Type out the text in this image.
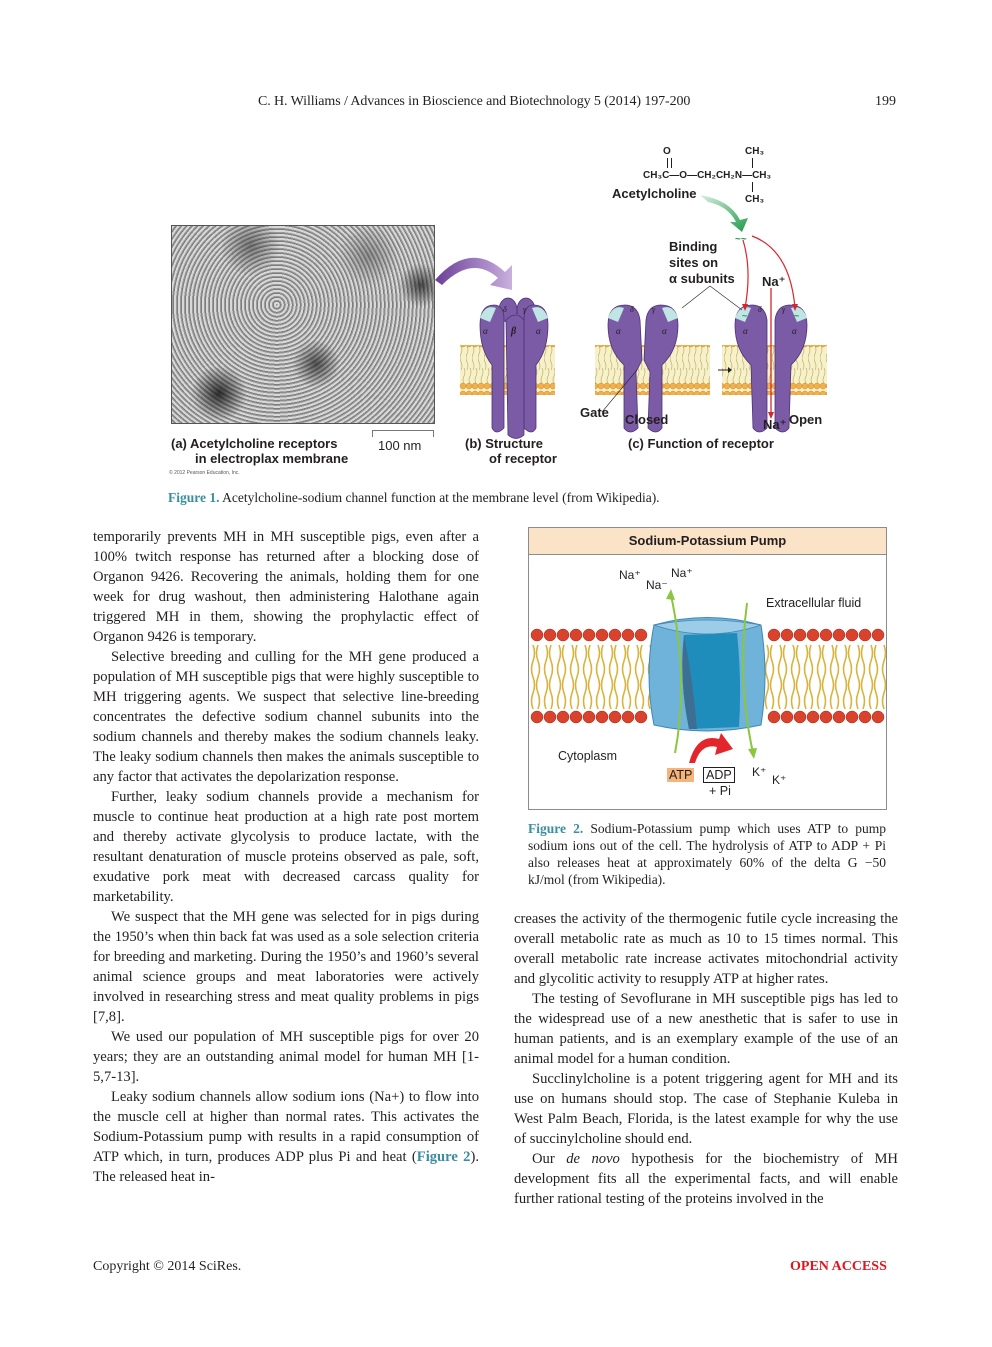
C. H. Williams / Advances in Bioscience and Biotechnology 5 (2014) 197-200	199
O	CH₃
CH₃C—O—CH₂CH₂N—CH₃
CH₃
Acetylcholine
~~
α β α
δ γ
α	α
δ γ
~	~
α	α
δ	γ
Binding
sites on
α subunits Na⁺
Na⁺ Open
Closed
Gate
(a) Acetylcholine receptors
in electroplax membrane
100 nm	(b) Structure
of receptor
(c) Function of receptor
© 2012 Pearson Education, Inc.
Figure 1. Acetylcholine-sodium channel function at the membrane level (from Wikipedia).

temporarily prevents MH in MH susceptible pigs, even after a 100% twitch response has returned after a blocking dose of Organon 9426. Recovering the animals, holding them for one week for drug washout, then administering Halothane again triggered MH in them, showing the prophylactic effect of Organon 9426 is temporary.

Selective breeding and culling for the MH gene produced a population of MH susceptible pigs that were highly susceptible to MH triggering agents. We suspect that selective line-breeding concentrates the defective sodium channel subunits into the sodium channels and thereby makes the sodium channels leaky. The leaky sodium channels then makes the animals susceptible to any factor that activates the depolarization response.

Further, leaky sodium channels provide a mechanism for muscle to continue heat production at a high rate post mortem and thereby activate glycolysis to produce lactate, with the resultant denaturation of muscle proteins observed as pale, soft, exudative pork meat with decreased carcass quality for marketability.

We suspect that the MH gene was selected for in pigs during the 1950’s when thin back fat was used as a sole selection criteria for breeding and marketing. During the 1950’s and 1960’s several animal science groups and meat laboratories were actively involved in researching stress and meat quality problems in pigs [7,8].

We used our population of MH susceptible pigs for over 20 years; they are an outstanding animal model for human MH [1-5,7-13].

Leaky sodium channels allow sodium ions (Na+) to flow into the muscle cell at higher than normal rates. This activates the Sodium-Potassium pump with results in a rapid consumption of ATP which, in turn, produces ADP plus Pi and heat (Figure 2). The released heat in-

Sodium-Potassium Pump
Na⁺
Na⁻
Na⁺
Extracellular fluid
Cytoplasm
ATP ADP
+ Pi
K⁺
K⁺
Figure 2. Sodium-Potassium pump which uses ATP to pump sodium ions out of the cell. The hydrolysis of ATP to ADP + Pi also releases heat at approximately 60% of the delta G −50 kJ/mol (from Wikipedia).

creases the activity of the thermogenic futile cycle increasing the overall metabolic rate as much as 10 to 15 times normal. This overall metabolic rate increase activates mitochondrial activity and glycolitic activity to resupply ATP at higher rates.

The testing of Sevoflurane in MH susceptible pigs has led to the widespread use of a new anesthetic that is safer to use in human patients, and is an exemplary example of the use of an animal model for a human condition.

Succlinylcholine is a potent triggering agent for MH and its use on humans should stop. The case of Stephanie Kuleba in West Palm Beach, Florida, is the latest example for why the use of succinylcholine should end.

Our de novo hypothesis for the biochemistry of MH development fits all the experimental facts, and will enable further rational testing of the proteins involved in the

Copyright © 2014 SciRes.	OPEN ACCESS
